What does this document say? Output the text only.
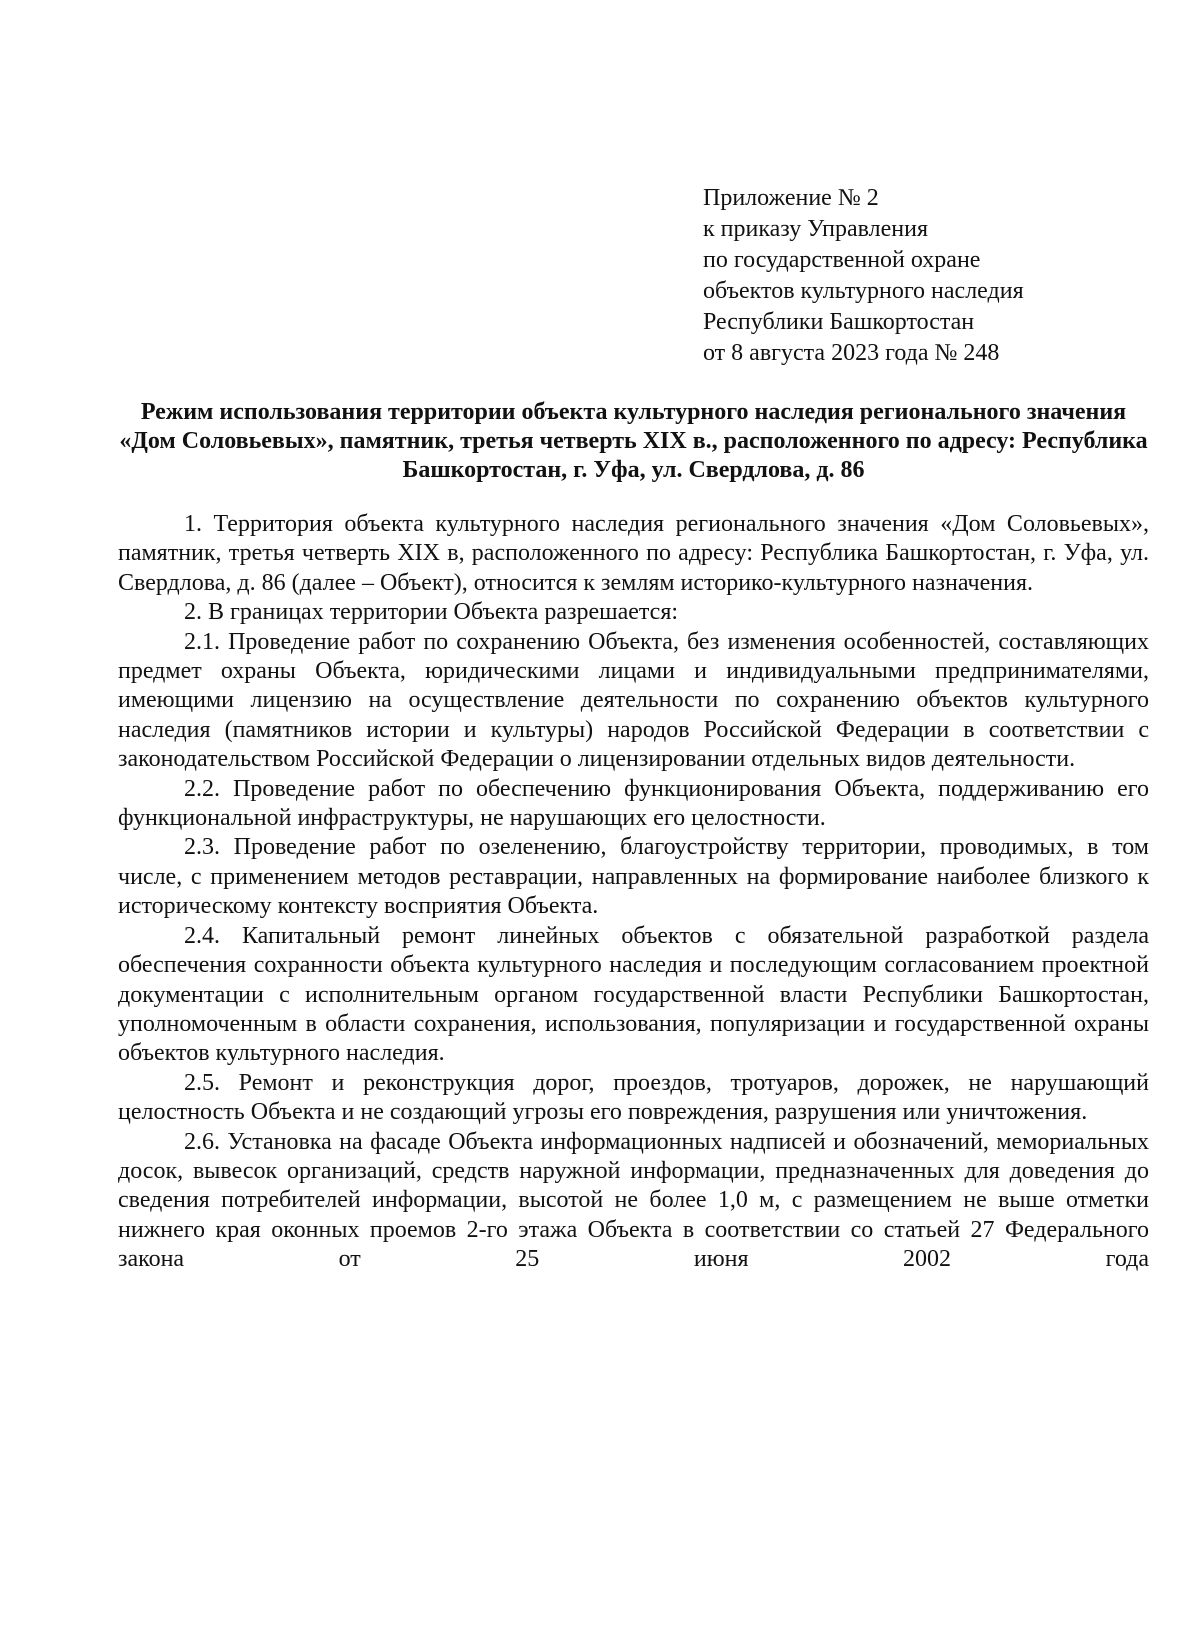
Приложение № 2
к приказу Управления
по государственной охране
объектов культурного наследия
Республики Башкортостан
от 8 августа 2023 года № 248
Режим использования территории объекта культурного наследия регионального значения «Дом Соловьевых», памятник, третья четверть XIX в., расположенного по адресу: Республика Башкортостан, г. Уфа, ул. Свердлова, д. 86

1. Территория объекта культурного наследия регионального значения «Дом Соловьевых», памятник, третья четверть XIX в, расположенного по адресу: Республика Башкортостан, г. Уфа, ул. Свердлова, д. 86 (далее – Объект), относится к землям историко-культурного назначения.

2. В границах территории Объекта разрешается:

2.1. Проведение работ по сохранению Объекта, без изменения особенностей, составляющих предмет охраны Объекта, юридическими лицами и индивидуальными предпринимателями, имеющими лицензию на осуществление деятельности по сохранению объектов культурного наследия (памятников истории и культуры) народов Российской Федерации в соответствии с законодательством Российской Федерации о лицензировании отдельных видов деятельности.

2.2. Проведение работ по обеспечению функционирования Объекта, поддерживанию его функциональной инфраструктуры, не нарушающих его целостности.

2.3. Проведение работ по озеленению, благоустройству территории, проводимых, в том числе, с применением методов реставрации, направленных на формирование наиболее близкого к историческому контексту восприятия Объекта.

2.4. Капитальный ремонт линейных объектов с обязательной разработкой раздела обеспечения сохранности объекта культурного наследия и последующим согласованием проектной документации с исполнительным органом государственной власти Республики Башкортостан, уполномоченным в области сохранения, использования, популяризации и государственной охраны объектов культурного наследия.

2.5. Ремонт и реконструкция дорог, проездов, тротуаров, дорожек, не нарушающий целостность Объекта и не создающий угрозы его повреждения, разрушения или уничтожения.

2.6. Установка на фасаде Объекта информационных надписей и обозначений, мемориальных досок, вывесок организаций, средств наружной информации, предназначенных для доведения до сведения потребителей информации, высотой не более 1,0 м, с размещением не выше отметки нижнего края оконных проемов 2-го этажа Объекта в соответствии со статьей 27 Федерального закона от 25 июня 2002 года
